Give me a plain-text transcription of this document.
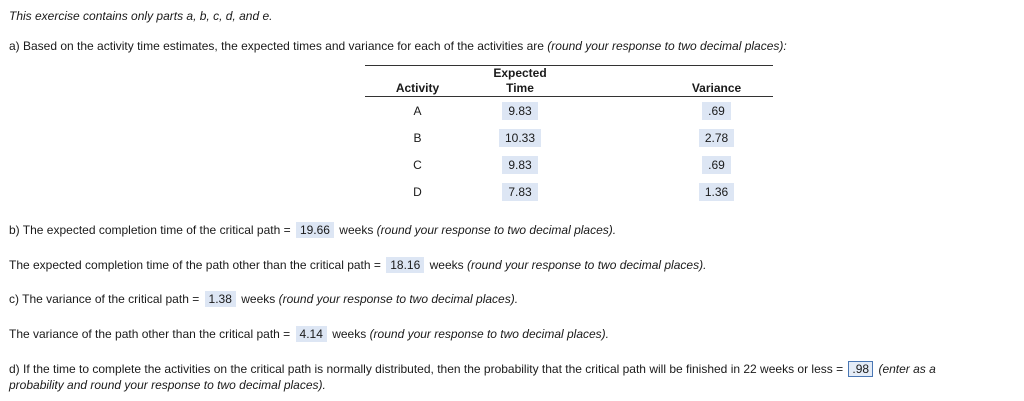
This exercise contains only parts a, b, c, d, and e.
a) Based on the activity time estimates, the expected times and variance for each of the activities are (round your response to two decimal places):
	Expected		
Activity	Time		Variance
A	9.83		.69
B	10.33		2.78
C	9.83		.69
D	7.83		1.36
b) The expected completion time of the critical path = 19.66 weeks (round your response to two decimal places).
The expected completion time of the path other than the critical path = 18.16 weeks (round your response to two decimal places).
c) The variance of the critical path = 1.38 weeks (round your response to two decimal places).
The variance of the path other than the critical path = 4.14 weeks (round your response to two decimal places).
d) If the time to complete the activities on the critical path is normally distributed, then the probability that the critical path will be finished in 22 weeks or less = .98 (enter as a
probability and round your response to two decimal places).
